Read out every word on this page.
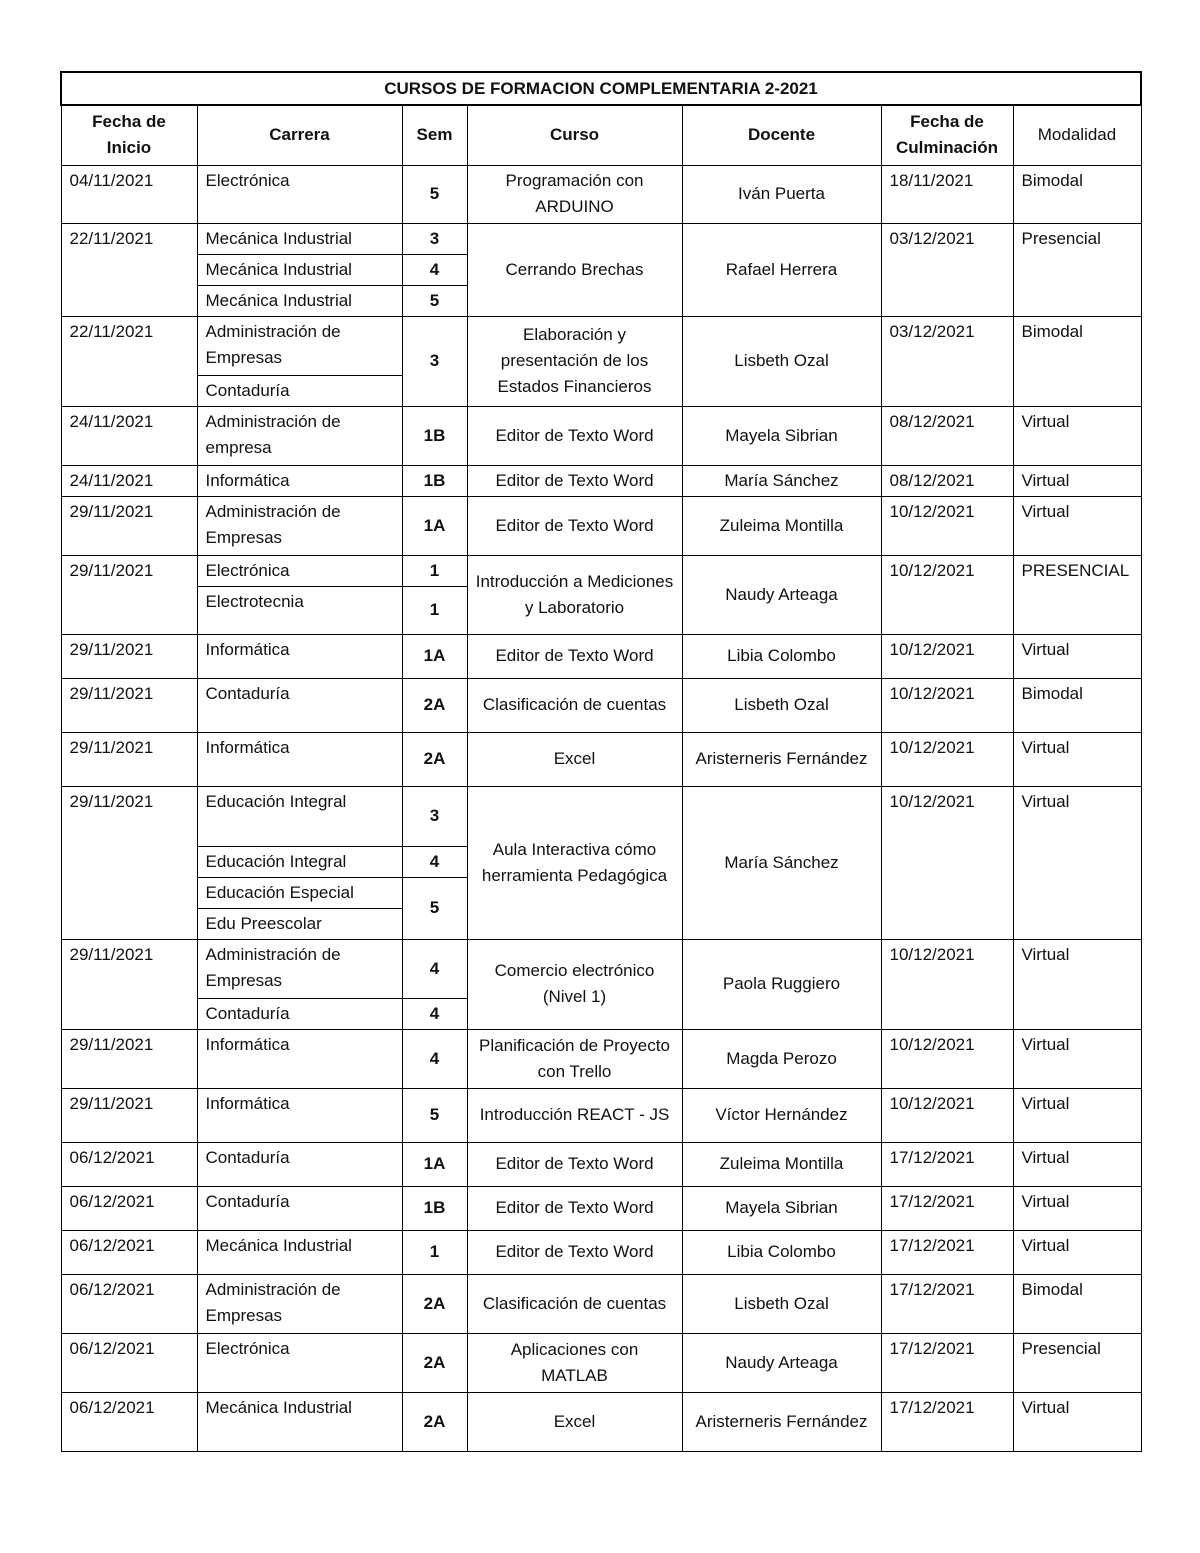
CURSOS DE FORMACION COMPLEMENTARIA 2-2021						
Fecha de Inicio	Carrera	Sem	Curso	Docente	Fecha de Culminación	Modalidad
04/11/2021	Electrónica	5	Programación con ARDUINO	Iván Puerta	18/11/2021	Bimodal
22/11/2021	Mecánica Industrial	3	Cerrando Brechas	Rafael Herrera	03/12/2021	Presencial
	Mecánica Industrial	4				
	Mecánica Industrial	5				
22/11/2021	Administración de Empresas	3	Elaboración y presentación de los Estados Financieros	Lisbeth Ozal	03/12/2021	Bimodal
	Contaduría					
24/11/2021	Administración de empresa	1B	Editor de Texto Word	Mayela Sibrian	08/12/2021	Virtual
24/11/2021	Informática	1B	Editor de Texto Word	María Sánchez	08/12/2021	Virtual
29/11/2021	Administración de Empresas	1A	Editor de Texto Word	Zuleima Montilla	10/12/2021	Virtual
29/11/2021	Electrónica	1	Introducción a Mediciones y Laboratorio	Naudy Arteaga	10/12/2021	PRESENCIAL
	Electrotecnia	1				
29/11/2021	Informática	1A	Editor de Texto Word	Libia Colombo	10/12/2021	Virtual
29/11/2021	Contaduría	2A	Clasificación de cuentas	Lisbeth Ozal	10/12/2021	Bimodal
29/11/2021	Informática	2A	Excel	Aristerneris Fernández	10/12/2021	Virtual
29/11/2021	Educación Integral	3	Aula Interactiva cómo herramienta Pedagógica	María Sánchez	10/12/2021	Virtual
	Educación Integral	4				
	Educación Especial	5				
	Edu Preescolar					
29/11/2021	Administración de Empresas	4	Comercio electrónico (Nivel 1)	Paola Ruggiero	10/12/2021	Virtual
	Contaduría	4				
29/11/2021	Informática	4	Planificación de Proyecto con Trello	Magda Perozo	10/12/2021	Virtual
29/11/2021	Informática	5	Introducción REACT - JS	Víctor Hernández	10/12/2021	Virtual
06/12/2021	Contaduría	1A	Editor de Texto Word	Zuleima Montilla	17/12/2021	Virtual
06/12/2021	Contaduría	1B	Editor de Texto Word	Mayela Sibrian	17/12/2021	Virtual
06/12/2021	Mecánica Industrial	1	Editor de Texto Word	Libia Colombo	17/12/2021	Virtual
06/12/2021	Administración de Empresas	2A	Clasificación de cuentas	Lisbeth Ozal	17/12/2021	Bimodal
06/12/2021	Electrónica	2A	Aplicaciones con MATLAB	Naudy Arteaga	17/12/2021	Presencial
06/12/2021	Mecánica Industrial	2A	Excel	Aristerneris Fernández	17/12/2021	Virtual
